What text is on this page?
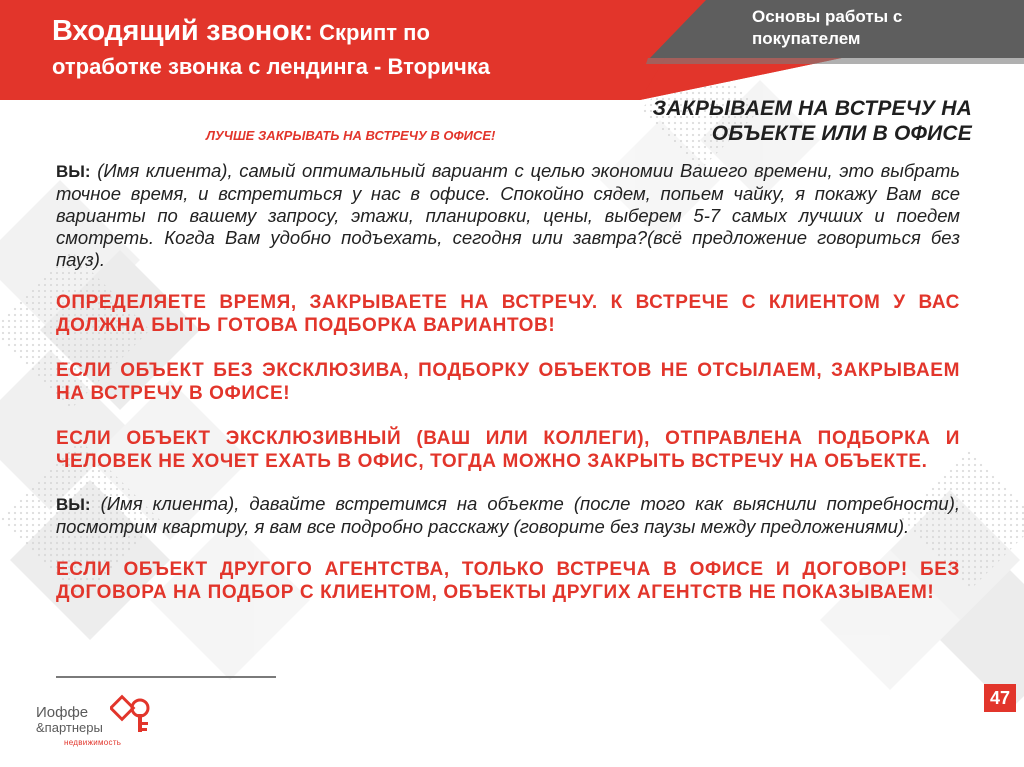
Входящий звонок: Скрипт по
отработке звонка с лендинга - Вторичка
Основы работы с покупателем
ЛУЧШЕ ЗАКРЫВАТЬ НА ВСТРЕЧУ В ОФИСЕ!
ЗАКРЫВАЕМ НА ВСТРЕЧУ НА ОБЪЕКТЕ ИЛИ В ОФИСЕ

ВЫ: (Имя клиента), самый оптимальный вариант с целью экономии Вашего времени, это выбрать точное время, и встретиться у нас в офисе. Спокойно сядем, попьем чайку, я покажу Вам все варианты по вашему запросу, этажи, планировки, цены, выберем 5-7 самых лучших и поедем смотреть. Когда Вам удобно подъехать, сегодня или завтра?(всё предложение говориться без пауз).

ОПРЕДЕЛЯЕТЕ ВРЕМЯ, ЗАКРЫВАЕТЕ НА ВСТРЕЧУ. К ВСТРЕЧЕ С КЛИЕНТОМ У ВАС ДОЛЖНА БЫТЬ ГОТОВА ПОДБОРКА ВАРИАНТОВ!

ЕСЛИ ОБЪЕКТ БЕЗ ЭКСКЛЮЗИВА, ПОДБОРКУ ОБЪЕКТОВ НЕ ОТСЫЛАЕМ, ЗАКРЫВАЕМ НА ВСТРЕЧУ В ОФИСЕ!

ЕСЛИ ОБЪЕКТ ЭКСКЛЮЗИВНЫЙ (ВАШ ИЛИ КОЛЛЕГИ), ОТПРАВЛЕНА ПОДБОРКА И ЧЕЛОВЕК НЕ ХОЧЕТ ЕХАТЬ В ОФИС, ТОГДА МОЖНО ЗАКРЫТЬ ВСТРЕЧУ НА ОБЪЕКТЕ.

ВЫ: (Имя клиента), давайте встретимся на объекте (после того как выяснили потребности), посмотрим квартиру, я вам все подробно расскажу (говорите без паузы между предложениями).

ЕСЛИ ОБЪЕКТ ДРУГОГО АГЕНТСТВА, ТОЛЬКО ВСТРЕЧА В ОФИСЕ И ДОГОВОР! БЕЗ ДОГОВОРА НА ПОДБОР С КЛИЕНТОМ, ОБЪЕКТЫ ДРУГИХ АГЕНТСТВ НЕ ПОКАЗЫВАЕМ!

Иоффе
&партнеры
недвижимость
47
